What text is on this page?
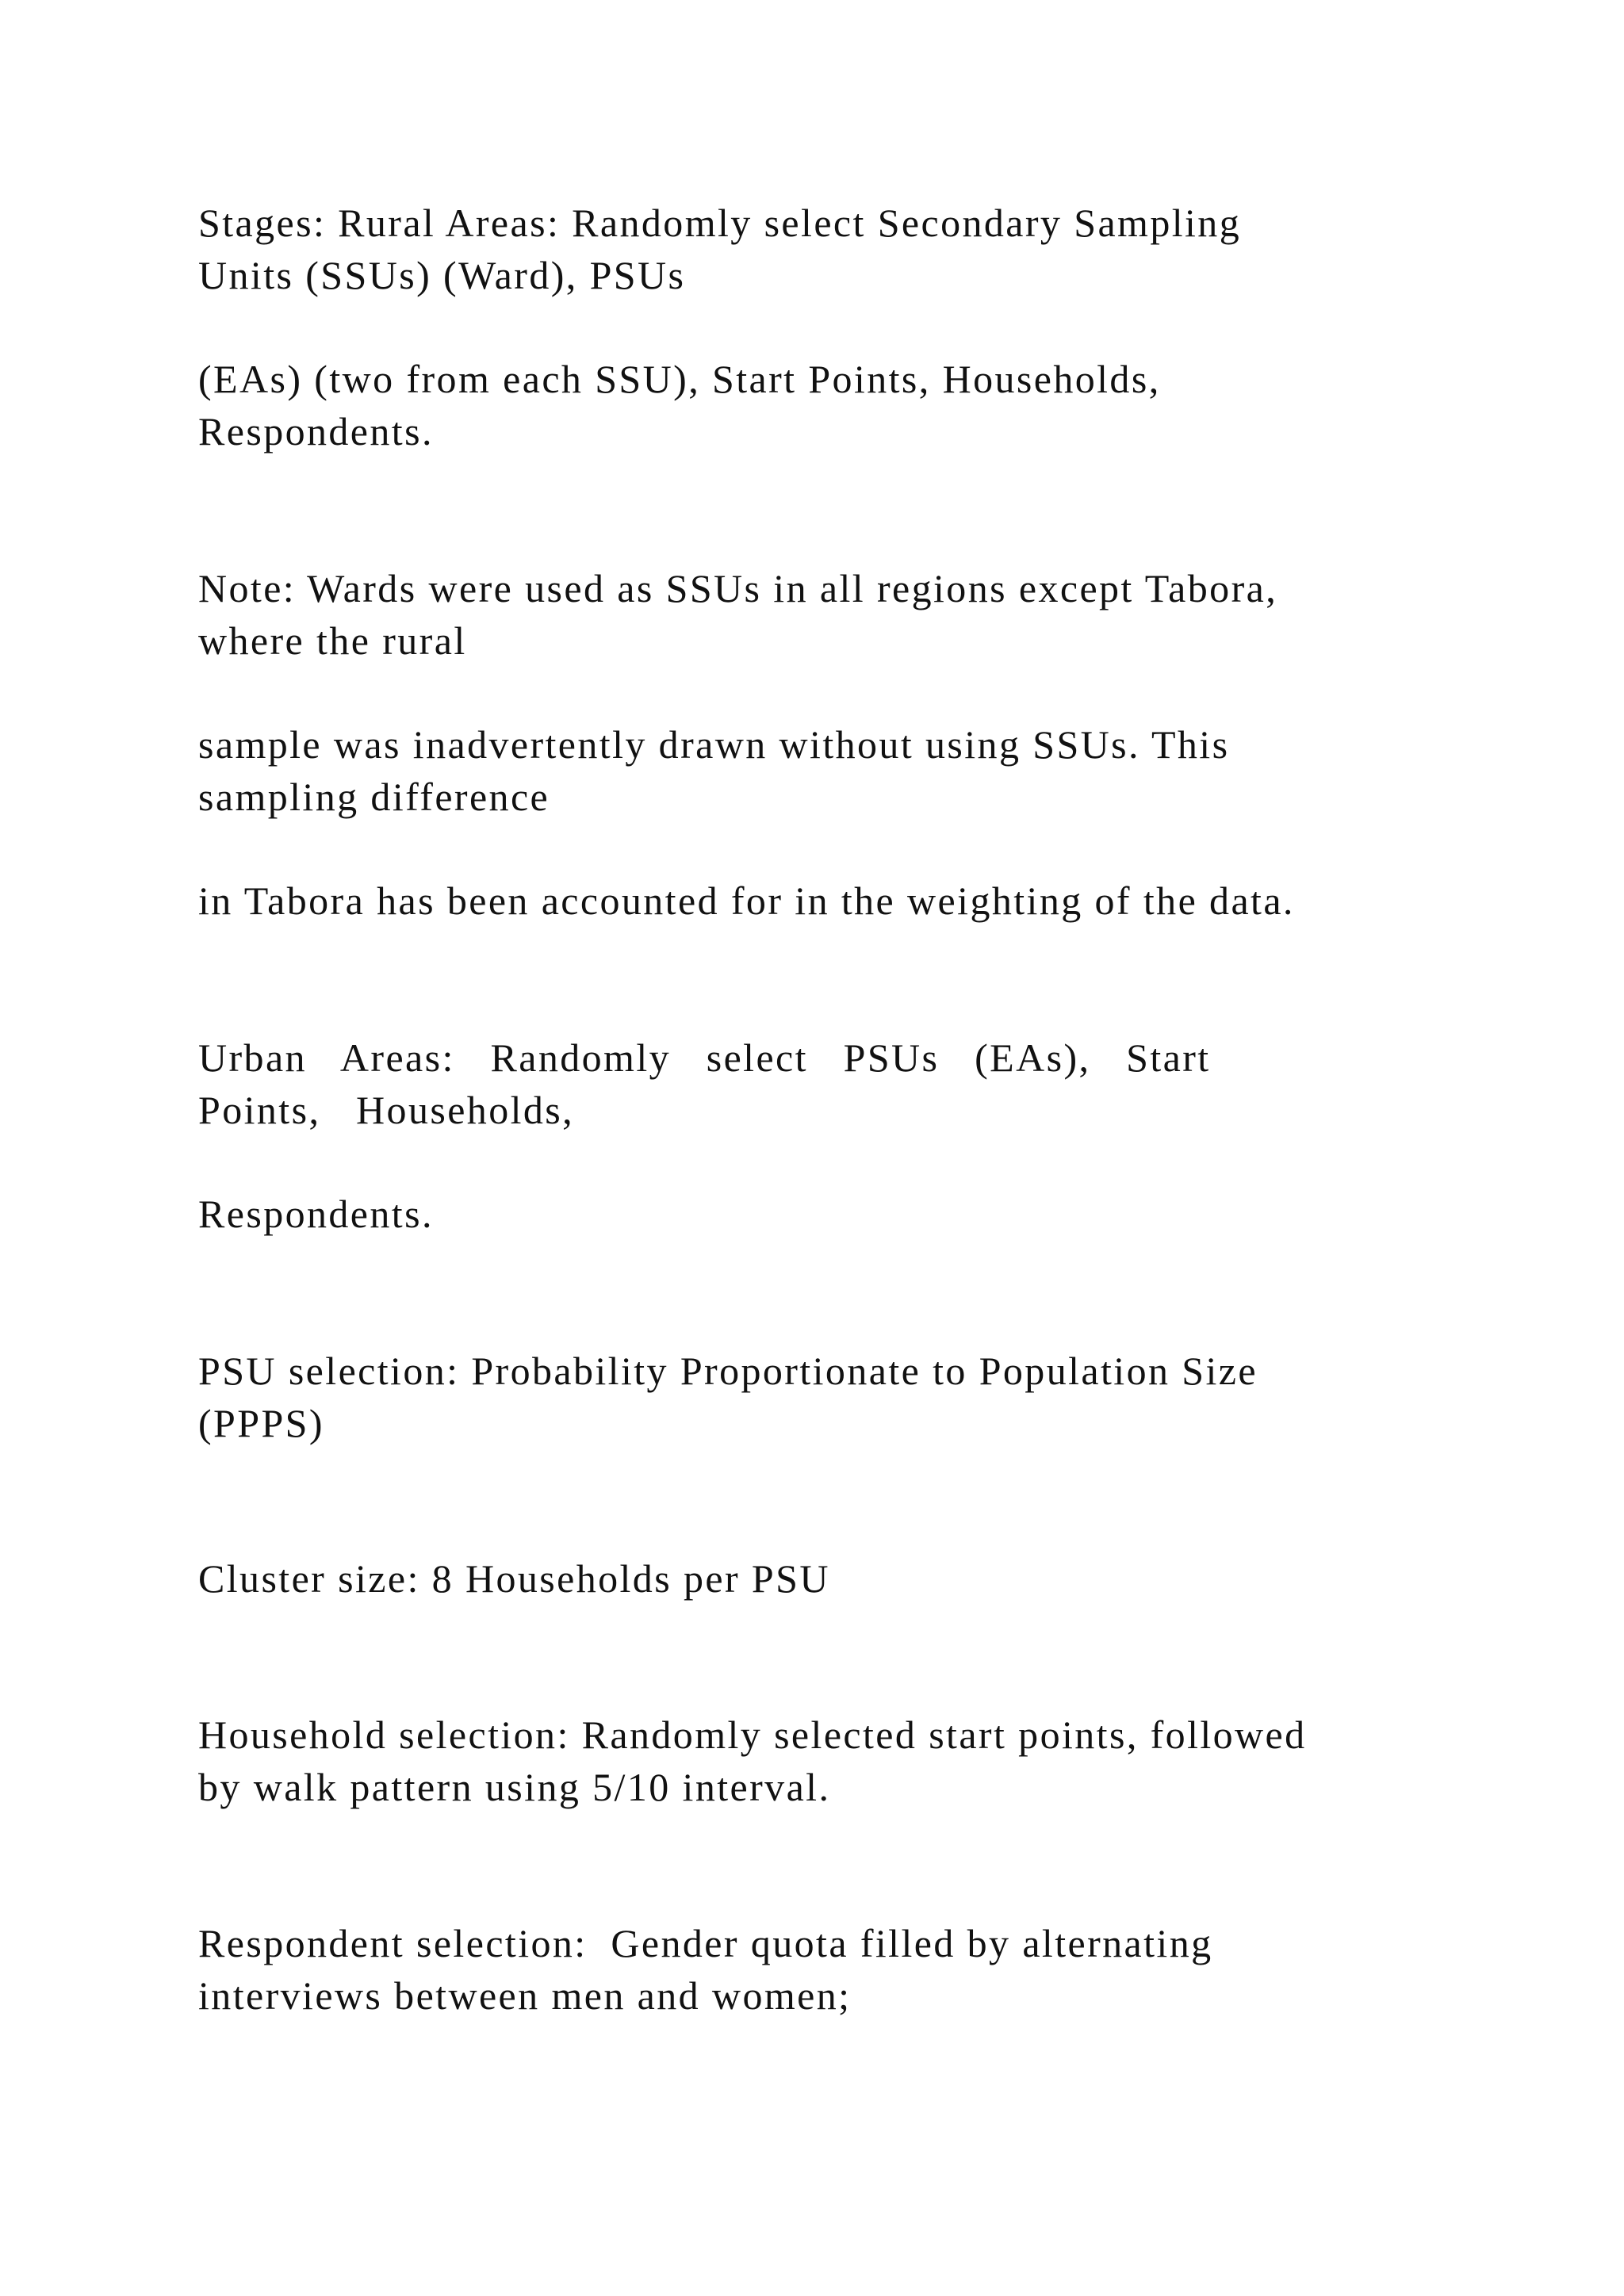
Stages: Rural Areas: Randomly select Secondary Sampling

Units (SSUs) (Ward), PSUs

(EAs) (two from each SSU), Start Points, Households,

Respondents.

Note: Wards were used as SSUs in all regions except Tabora,

where the rural

sample was inadvertently drawn without using SSUs. This

sampling difference

in Tabora has been accounted for in the weighting of the data.

Urban   Areas:   Randomly   select   PSUs   (EAs),   Start

Points,   Households,

Respondents.

PSU selection: Probability Proportionate to Population Size

(PPPS)

Cluster size: 8 Households per PSU

Household selection: Randomly selected start points, followed

by walk pattern using 5/10 interval.

Respondent selection:  Gender quota filled by alternating

interviews between men and women;
